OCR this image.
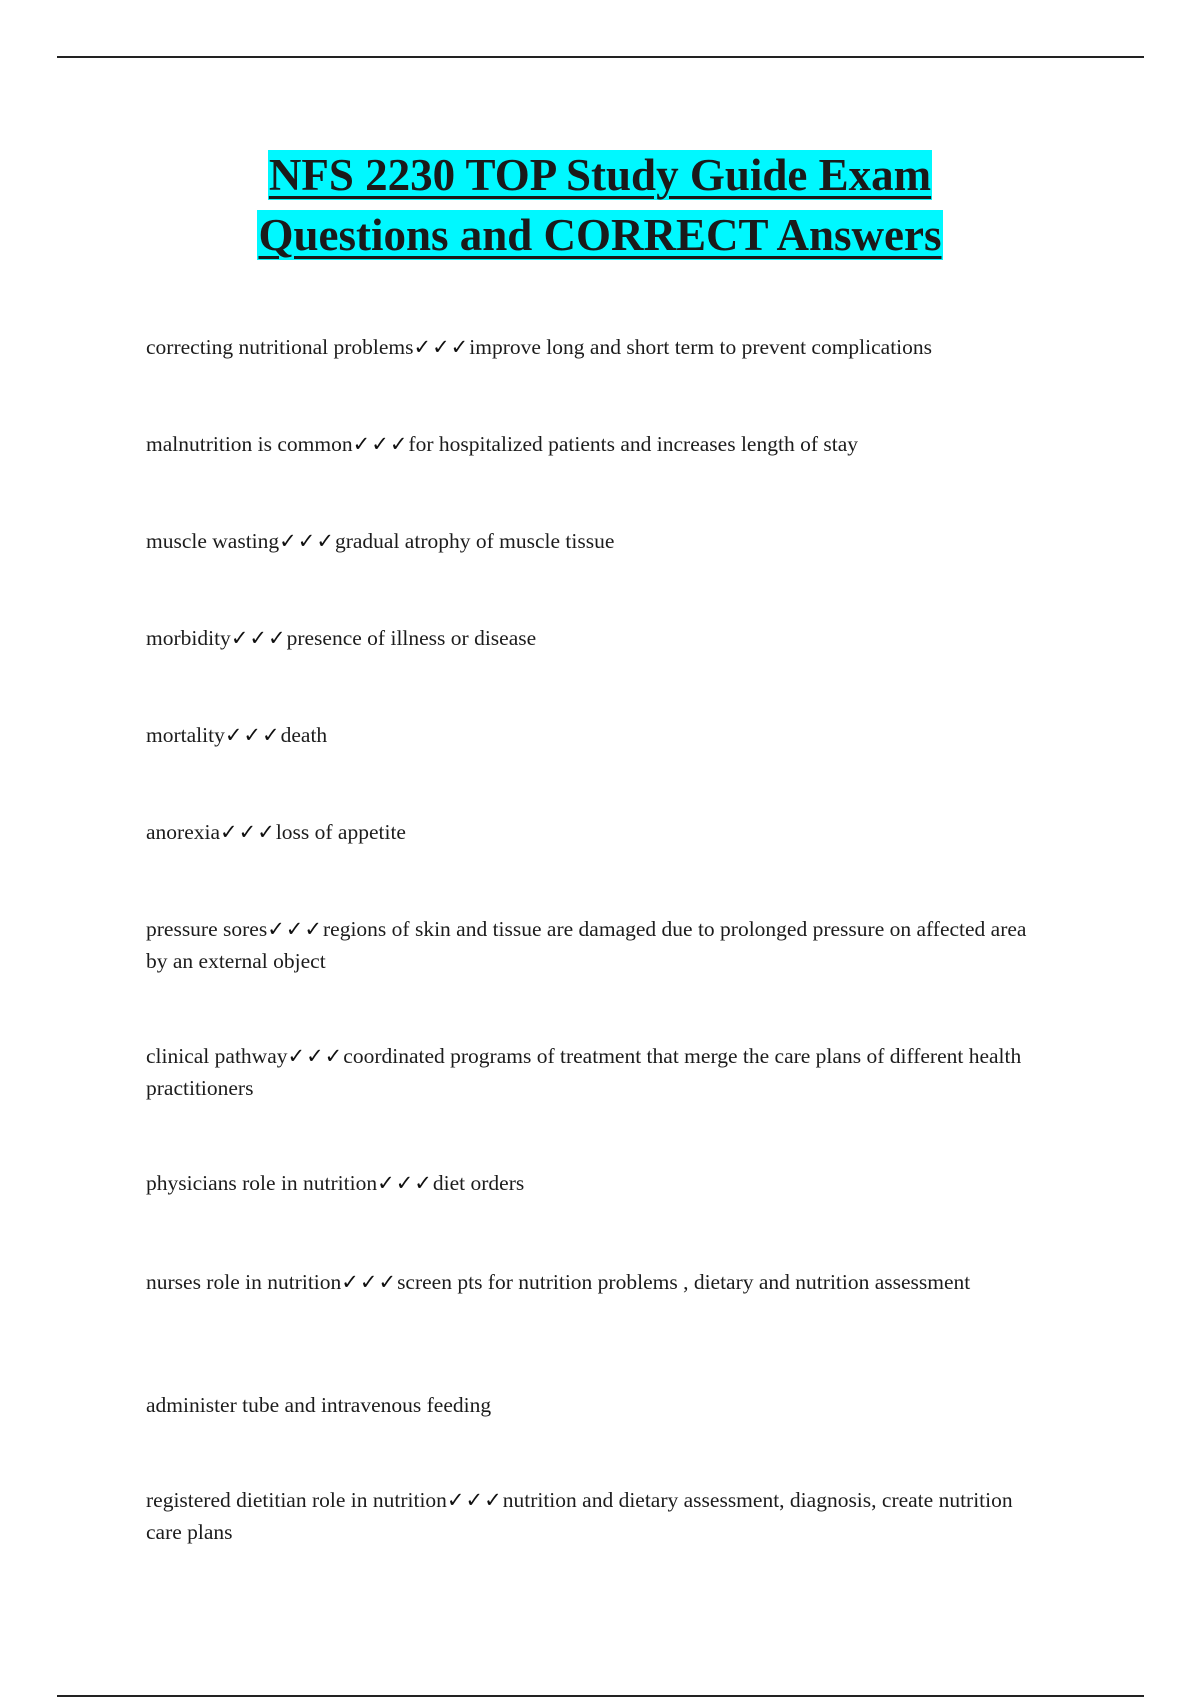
NFS 2230 TOP Study Guide Exam
Questions and CORRECT Answers
correcting nutritional problems✓✓✓improve long and short term to prevent complications
malnutrition is common✓✓✓for hospitalized patients and increases length of stay
muscle wasting✓✓✓gradual atrophy of muscle tissue
morbidity✓✓✓presence of illness or disease
mortality✓✓✓death
anorexia✓✓✓loss of appetite
pressure sores✓✓✓regions of skin and tissue are damaged due to prolonged pressure on affected area by an external object
clinical pathway✓✓✓coordinated programs of treatment that merge the care plans of different health practitioners
physicians role in nutrition✓✓✓diet orders
nurses role in nutrition✓✓✓screen pts for nutrition problems , dietary and nutrition assessment
administer tube and intravenous feeding
registered dietitian role in nutrition✓✓✓nutrition and dietary assessment, diagnosis, create nutrition care plans
